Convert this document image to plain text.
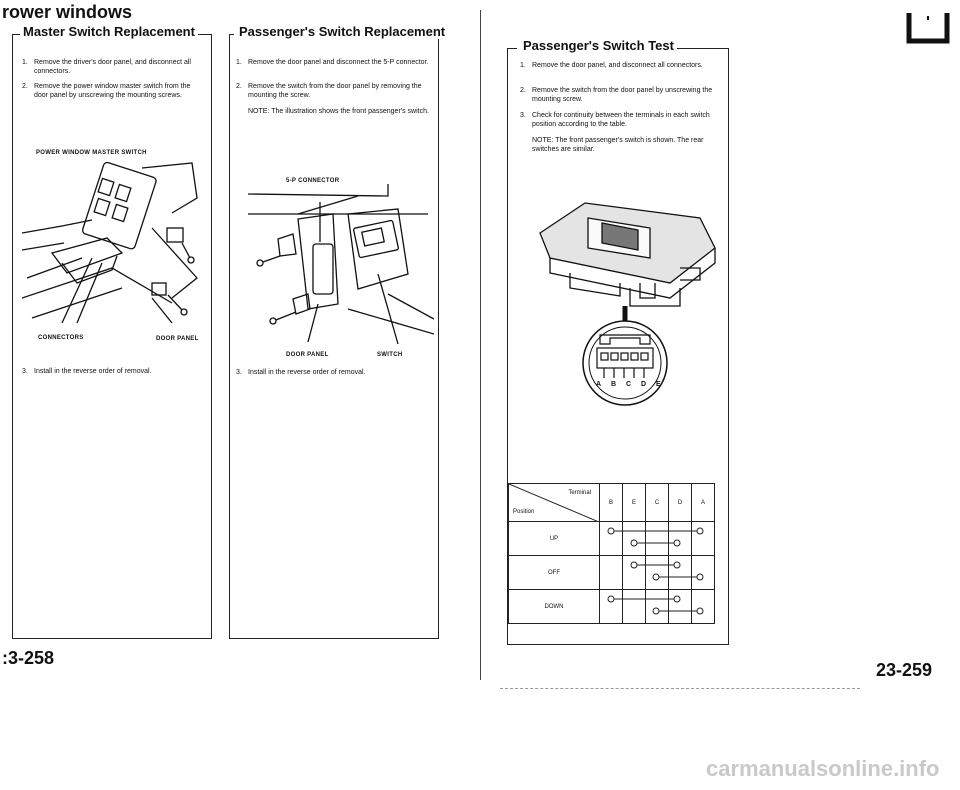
rower windows
:3-258
Master Switch Replacement
1. Remove the driver's door panel, and disconnect all connectors.
2. Remove the power window master switch from the door panel by unscrewing the mounting screws.
POWER WINDOW MASTER SWITCH
CONNECTORS	DOOR PANEL
3. Install in the reverse order of removal.
Passenger's Switch Replacement
1. Remove the door panel and disconnect the 5-P connector.
2. Remove the switch from the door panel by removing the mounting the screw.
NOTE: The illustration shows the front passenger's switch.
5-P CONNECTOR
DOOR PANEL	SWITCH
3. Install in the reverse order of removal.
Passenger's Switch Test
1. Remove the door panel, and disconnect all connectors.
2. Remove the switch from the door panel by unscrewing the mounting screw.
3. Check for continuity between the terminals in each switch position according to the table.
NOTE: The front passenger's switch is shown. The rear switches are similar.
A B C D E
Terminal
Position	B	E	C	D	A
UP					
OFF					
DOWN					
23-259
carmanualsonline.info
